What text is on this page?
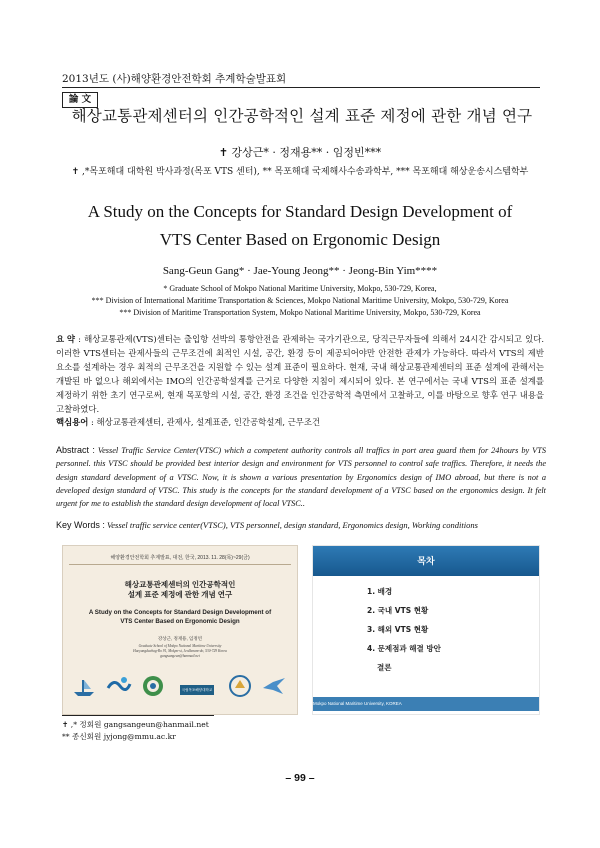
2013년도 (사)해양환경안전학회 추계학술발표회
論 文
해상교통관제센터의 인간공학적인 설계 표준 제정에 관한 개념 연구
✝ 강상근* · 정재용** · 임정빈***
✝ ,*목포해대 대학원 박사과정(목포 VTS 센터), ** 목포해대 국제해사수송과학부, *** 목포해대 해상운송시스템학부
A Study on the Concepts for Standard Design Development of
VTS Center Based on Ergonomic Design
Sang-Geun Gang* · Jae-Young Jeong** · Jeong-Bin Yim****
* Graduate School of Mokpo National Maritime University, Mokpo, 530-729, Korea,
*** Division of International Maritime Transportation & Sciences, Mokpo National Maritime University, Mokpo, 530-729, Korea
*** Division of Maritime Transportation System, Mokpo National Maritime University, Mokpo, 530-729, Korea
요 약 : 해상교통관제(VTS)센터는 출입항 선박의 통항안전을 관제하는 국가기관으로, 당직근무자들에 의해서 24시간 감시되고 있다. 이러한 VTS센터는 관제사들의 근무조건에 최적인 시설, 공간, 환경 등이 제공되어야만 안전한 관제가 가능하다. 따라서 VTS의 제반 요소를 설계하는 경우 최적의 근무조건을 지원할 수 있는 설계 표준이 필요하다. 현재, 국내 해상교통관제센터의 표준 설계에 관해서는 개발된 바 없으나 해외에서는 IMO의 인간공학설계를 근거로 다양한 지침이 제시되어 있다. 본 연구에서는 국내 VTS의 표준 설계를 제정하기 위한 초기 연구로써, 현재 목포항의 시설, 공간, 환경 조건을 인간공학적 측면에서 고찰하고, 이를 바탕으로 향후 연구 내용을 고찰하였다.
핵심용어 : 해상교통관제센터, 관제사, 설계표준, 인간공학설계, 근무조건
Abstract : Vessel Traffic Service Center(VTSC) which a competent authority controls all traffics in port area guard them for 24hours by VTS personnel. this VTSC should be provided best interior design and environment for VTS personnel to control safe traffics. Therefore, it needs the design standard development of a VTSC. Now, it is shown a various presentation by Ergonomics design of IMO abroad, but there is not a developed design standard of VTSC. This study is the concepts for the standard development of a VTSC based on the ergonomics design. It felt urgent for me to establish the standard design development of local VTSC..
Key Words : Vessel traffic service center(VTSC), VTS personnel, design standard, Ergonomics design, Working conditions
해양환경안전학회 추계발표, 대전, 한국, 2013. 11. 28(목)~29(금)
해상교통관제센터의 인간공학적인
설계 표준 제정에 관한 개념 연구
A Study on the Concepts for Standard Design Development of
VTS Center Based on Ergonomic Design
강상근, 정재용, 임정빈
Graduate School of Mokpo National Maritime University
Haeyangdaehag-Ro 91, Mokpo-si, Jeollanam-do, 530-729 Korea
gangsangeun@hanmail.net
국립목포해양대학교
목차
1. 배경
2. 국내 VTS 현황
3. 해외 VTS 현황
4. 문제점과 해결 방안
결론
Mokpo National Maritime University, KOREA
✝ ,* 정회원 gangsangeun@hanmail.net
** 종신회원 jyjong@mmu.ac.kr
– 99 –
